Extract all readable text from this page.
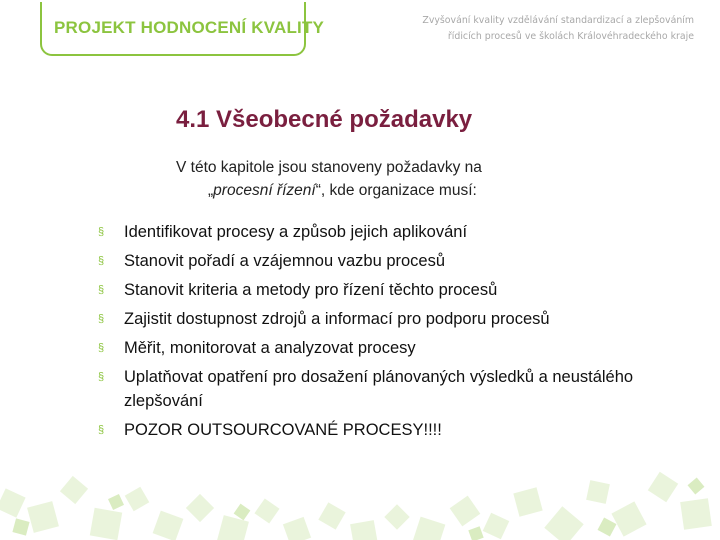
PROJEKT HODNOCENÍ KVALITY	Zvyšování kvality vzdělávání standardizací a zlepšováním
řídicích procesů ve školách Královéhradeckého kraje
4.1 Všeobecné požadavky
V této kapitole jsou stanoveny požadavky na
„procesní řízení“, kde organizace musí:
§ Identifikovat procesy a způsob jejich aplikování
§ Stanovit pořadí a vzájemnou vazbu procesů
§ Stanovit kriteria a metody pro řízení těchto procesů
§ Zajistit dostupnost zdrojů a informací pro podporu procesů
§ Měřit, monitorovat a analyzovat procesy
§ Uplatňovat opatření pro dosažení plánovaných výsledků a neustálého zlepšování
§ POZOR OUTSOURCOVANÉ PROCESY!!!!
